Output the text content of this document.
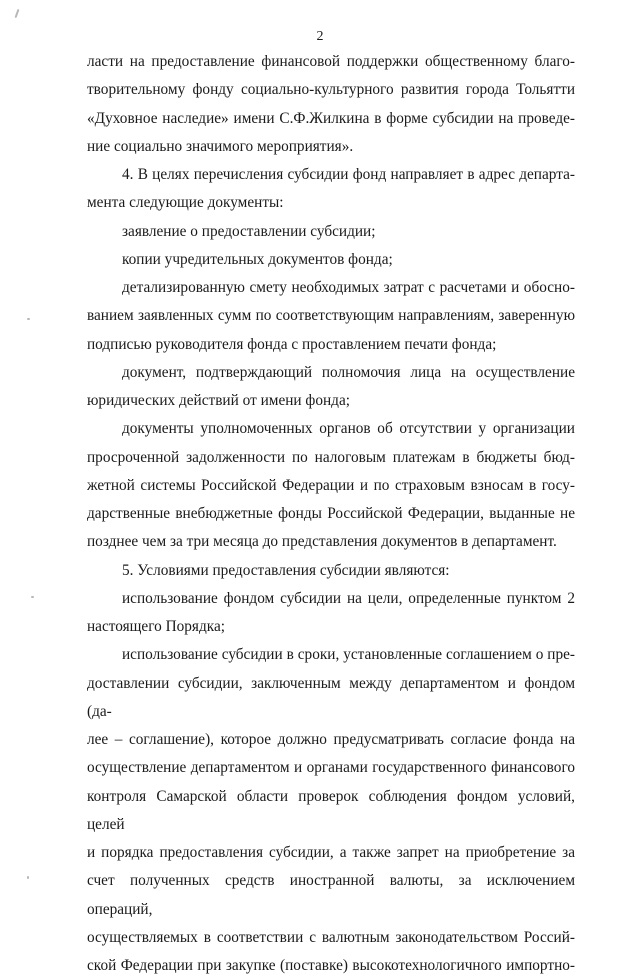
2

ласти на предоставление финансовой поддержки общественному благо-

творительному фонду социально-культурного развития города Тольятти

«Духовное наследие» имени С.Ф.Жилкина в форме субсидии на проведе-

ние социально значимого мероприятия».

4. В целях перечисления субсидии фонд направляет в адрес департа-

мента следующие документы:

заявление о предоставлении субсидии;

копии учредительных документов фонда;

детализированную смету необходимых затрат с расчетами и обосно-

ванием заявленных сумм по соответствующим направлениям, заверенную

подписью руководителя фонда с проставлением печати фонда;

документ, подтверждающий полномочия лица на осуществление

юридических действий от имени фонда;

документы уполномоченных органов об отсутствии у организации

просроченной задолженности по налоговым платежам в бюджеты бюд-

жетной системы Российской Федерации и по страховым взносам в госу-

дарственные внебюджетные фонды Российской Федерации, выданные не

позднее чем за три месяца до представления документов в департамент.

5. Условиями предоставления субсидии являются:

использование фондом субсидии на цели, определенные пунктом 2

настоящего Порядка;

использование субсидии в сроки, установленные соглашением о пре-

доставлении субсидии, заключенным между департаментом и фондом (да-

лее – соглашение), которое должно предусматривать согласие фонда на

осуществление департаментом и органами государственного финансового

контроля Самарской области проверок соблюдения фондом условий, целей

и порядка предоставления субсидии, а также запрет на приобретение за

счет полученных средств иностранной валюты, за исключением операций,

осуществляемых в соответствии с валютным законодательством Россий-

ской Федерации при закупке (поставке) высокотехнологичного импортно-
